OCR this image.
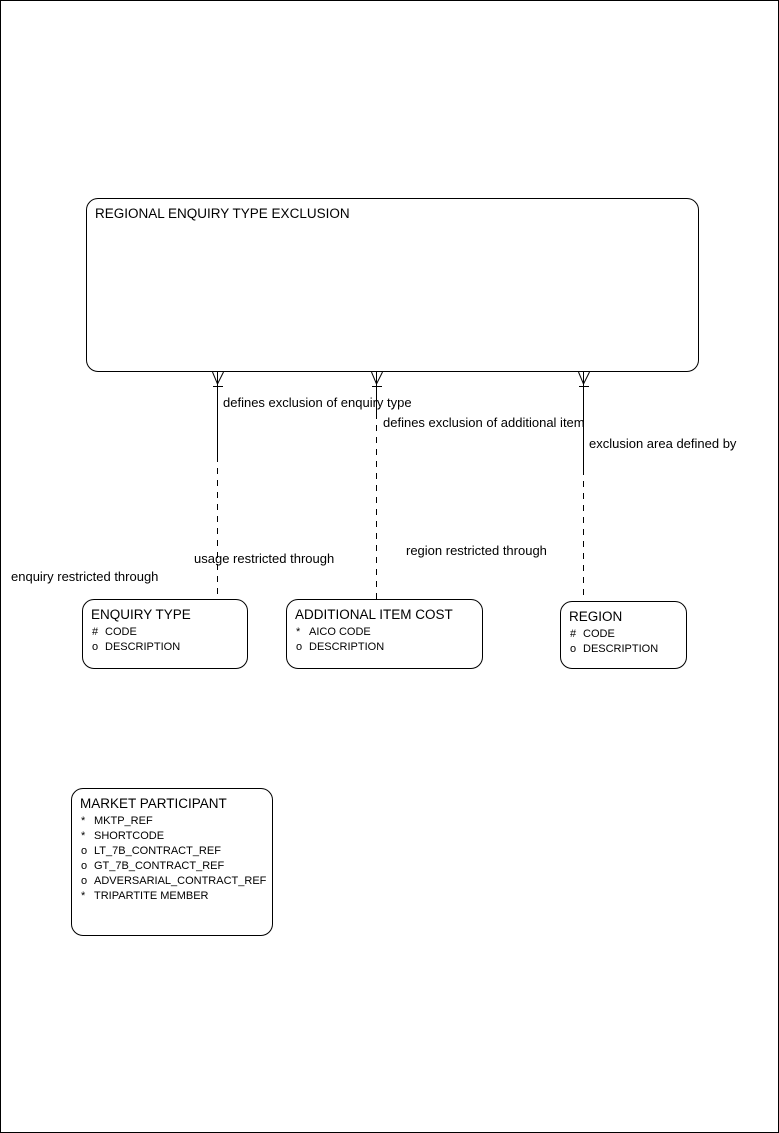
REGIONAL ENQUIRY TYPE EXCLUSION
defines exclusion of enquiry type
defines exclusion of additional item
exclusion area defined by
enquiry restricted through
usage restricted through
region restricted through
ENQUIRY TYPE
# CODE
o DESCRIPTION
ADDITIONAL ITEM COST
* AICO CODE
o DESCRIPTION
REGION
# CODE
o DESCRIPTION
MARKET PARTICIPANT
* MKTP_REF
* SHORTCODE
o LT_7B_CONTRACT_REF
o GT_7B_CONTRACT_REF
o ADVERSARIAL_CONTRACT_REF
* TRIPARTITE MEMBER
